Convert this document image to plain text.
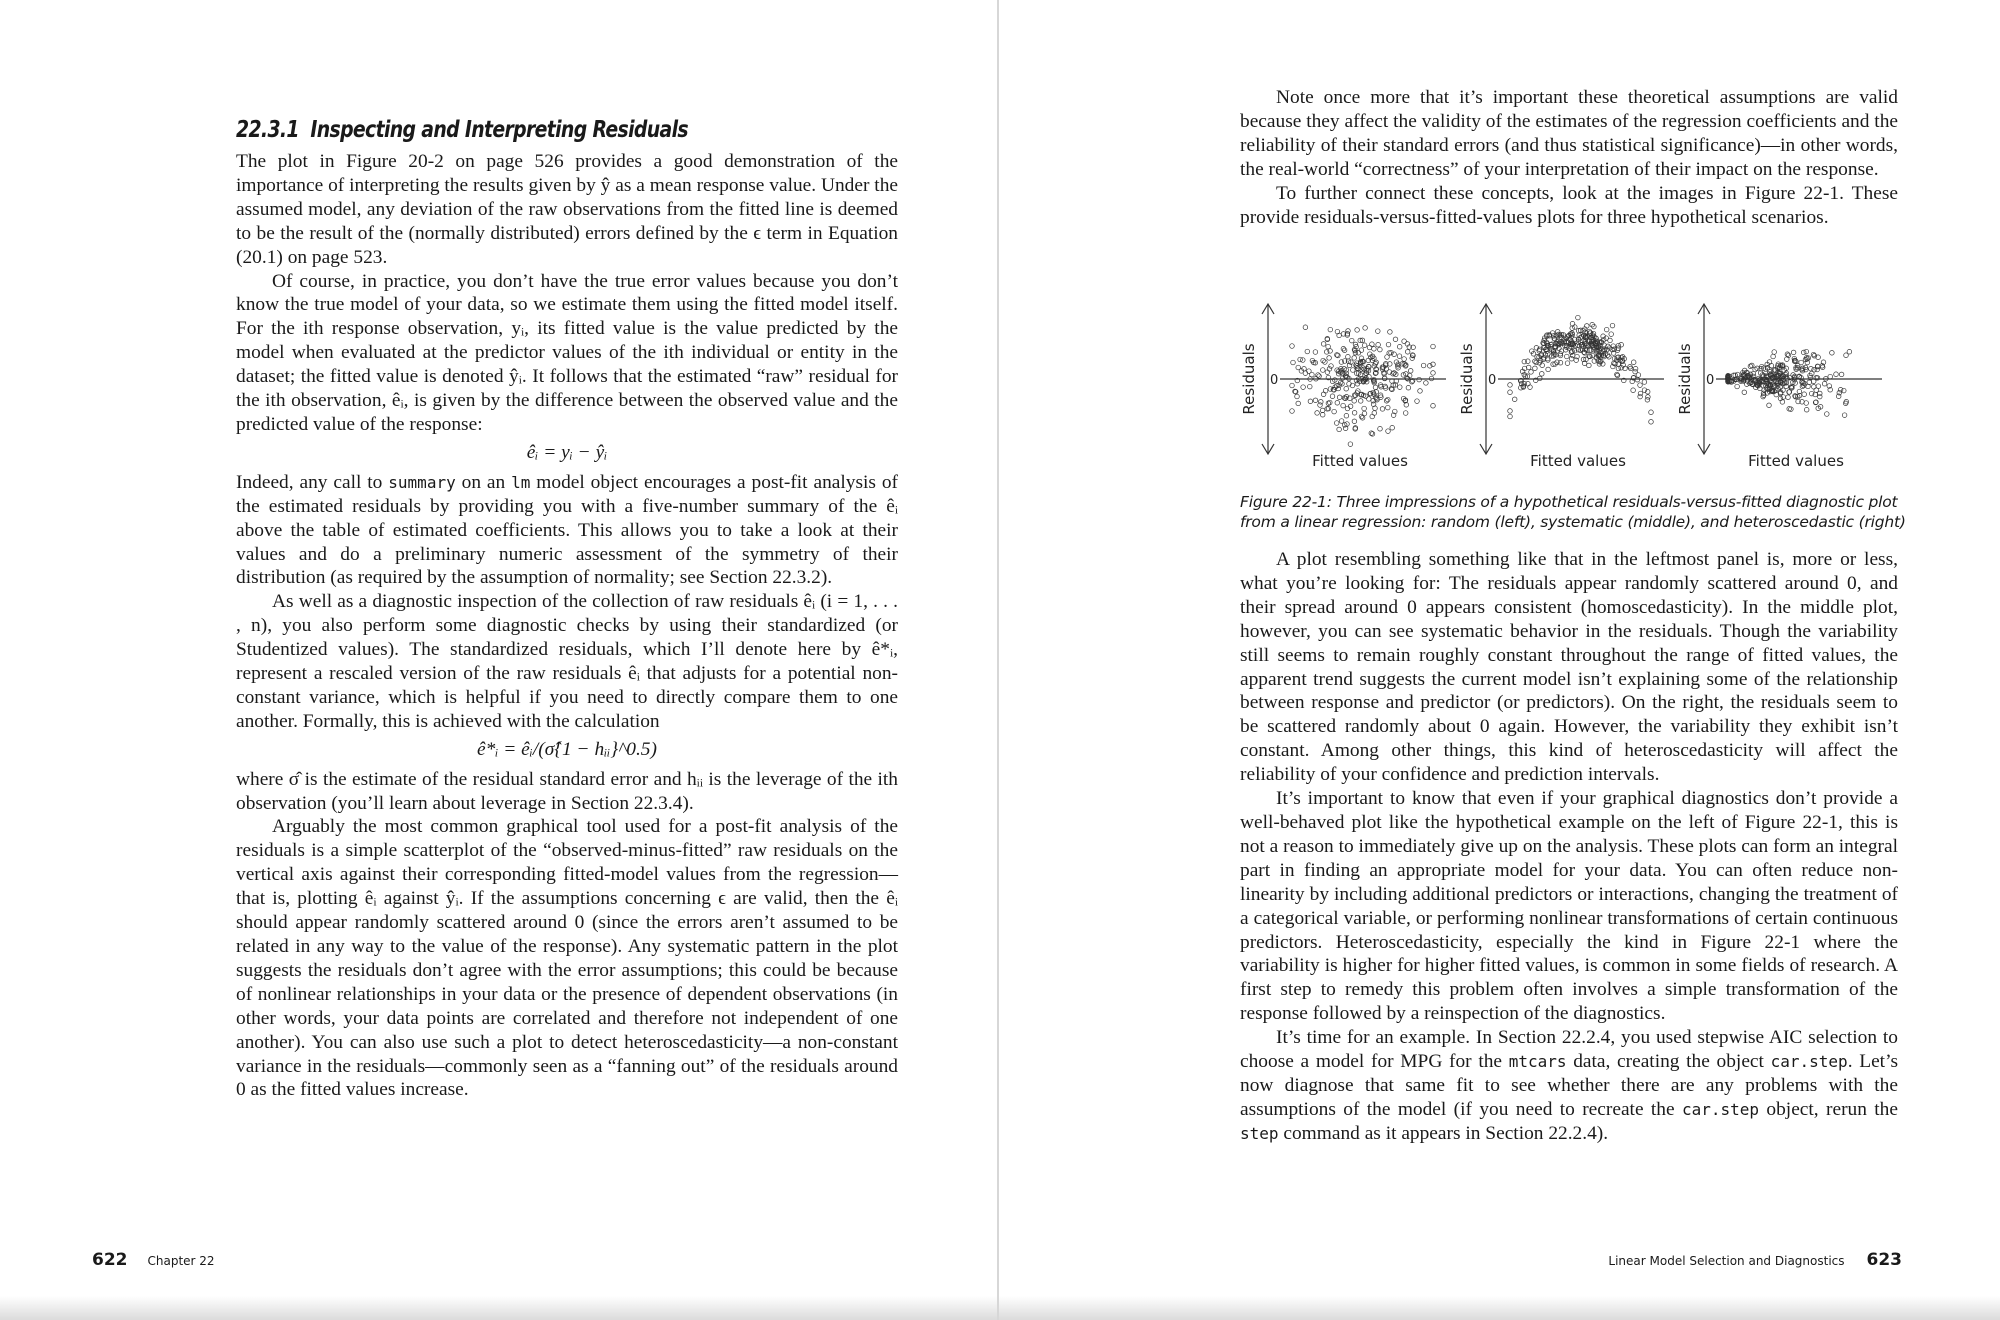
22.3.1 Inspecting and Interpreting Residuals

The plot in Figure 20-2 on page 526 provides a good demonstration of the importance of interpreting the results given by ŷ as a mean response value. Under the assumed model, any deviation of the raw observations from the fitted line is deemed to be the result of the (normally distributed) errors defined by the ϵ term in Equation (20.1) on page 523.

Of course, in practice, you don’t have the true error values because you don’t know the true model of your data, so we estimate them using the fitted model itself. For the ith response observation, yᵢ, its fitted value is the value predicted by the model when evaluated at the predictor values of the ith individual or entity in the dataset; the fitted value is denoted ŷᵢ. It follows that the estimated “raw” residual for the ith observation, êᵢ, is given by the difference between the observed value and the predicted value of the response:

êᵢ = yᵢ − ŷᵢ

Indeed, any call to summary on an lm model object encourages a post-fit analysis of the estimated residuals by providing you with a five-number summary of the êᵢ above the table of estimated coefficients. This allows you to take a look at their values and do a preliminary numeric assessment of the symmetry of their distribution (as required by the assumption of normality; see Section 22.3.2).

As well as a diagnostic inspection of the collection of raw residuals êᵢ (i = 1, . . . , n), you also perform some diagnostic checks by using their standardized (or Studentized values). The standardized residuals, which I’ll denote here by ê*ᵢ, represent a rescaled version of the raw residuals êᵢ that adjusts for a potential non-constant variance, which is helpful if you need to directly compare them to one another. Formally, this is achieved with the calculation

ê*ᵢ = êᵢ/(σ̂{1 − hᵢᵢ}^0.5)

where σ̂ is the estimate of the residual standard error and hᵢᵢ is the leverage of the ith observation (you’ll learn about leverage in Section 22.3.4).

Arguably the most common graphical tool used for a post-fit analysis of the residuals is a simple scatterplot of the “observed-minus-fitted” raw residuals on the vertical axis against their corresponding fitted-model values from the regression—that is, plotting êᵢ against ŷᵢ. If the assumptions concerning ϵ are valid, then the êᵢ should appear randomly scattered around 0 (since the errors aren’t assumed to be related in any way to the value of the response). Any systematic pattern in the plot suggests the residuals don’t agree with the error assumptions; this could be because of nonlinear relationships in your data or the presence of dependent observations (in other words, your data points are correlated and therefore not independent of one another). You can also use such a plot to detect heteroscedasticity—a non-constant variance in the residuals—commonly seen as a “fanning out” of the residuals around 0 as the fitted values increase.

622 Chapter 22

Note once more that it’s important these theoretical assumptions are valid because they affect the validity of the estimates of the regression coefficients and the reliability of their standard errors (and thus statistical significance)—in other words, the real-world “correctness” of your interpretation of their impact on the response.

To further connect these concepts, look at the images in Figure 22-1. These provide residuals-versus-fitted-values plots for three hypothetical scenarios.

Residuals 0
Fitted values
Residuals 0
Fitted values
Residuals 0
Fitted values
Figure 22-1: Three impressions of a hypothetical residuals-versus-fitted diagnostic plot from a linear regression: random (left), systematic (middle), and heteroscedastic (right)

A plot resembling something like that in the leftmost panel is, more or less, what you’re looking for: The residuals appear randomly scattered around 0, and their spread around 0 appears consistent (homoscedasticity). In the middle plot, however, you can see systematic behavior in the residuals. Though the variability still seems to remain roughly constant throughout the range of fitted values, the apparent trend suggests the current model isn’t explaining some of the relationship between response and predictor (or predictors). On the right, the residuals seem to be scattered randomly about 0 again. However, the variability they exhibit isn’t constant. Among other things, this kind of heteroscedasticity will affect the reliability of your confidence and prediction intervals.

It’s important to know that even if your graphical diagnostics don’t provide a well-behaved plot like the hypothetical example on the left of Figure 22-1, this is not a reason to immediately give up on the analysis. These plots can form an integral part in finding an appropriate model for your data. You can often reduce non-linearity by including additional predictors or interactions, changing the treatment of a categorical variable, or performing nonlinear transformations of certain continuous predictors. Heteroscedasticity, especially the kind in Figure 22-1 where the variability is higher for higher fitted values, is common in some fields of research. A first step to remedy this problem often involves a simple transformation of the response followed by a reinspection of the diagnostics.

It’s time for an example. In Section 22.2.4, you used stepwise AIC selection to choose a model for MPG for the mtcars data, creating the object car.step. Let’s now diagnose that same fit to see whether there are any problems with the assumptions of the model (if you need to recreate the car.step object, rerun the step command as it appears in Section 22.2.4).

Linear Model Selection and Diagnostics 623
